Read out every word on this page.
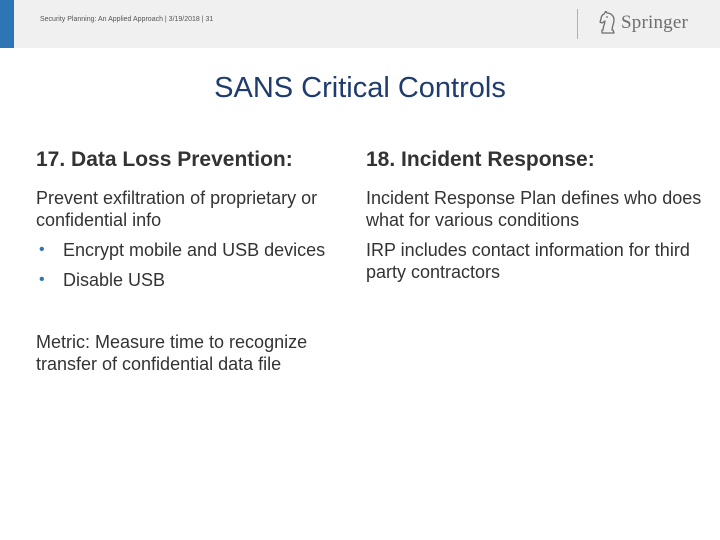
Security Planning: An Applied Approach | 3/19/2018 | 31	Springer
SANS Critical Controls
17. Data Loss Prevention:

Prevent exfiltration of proprietary or confidential info

• Encrypt mobile and USB devices
• Disable USB

Metric: Measure time to recognize transfer of confidential data file

18. Incident Response:

Incident Response Plan defines who does what for various conditions

IRP includes contact information for third party contractors
